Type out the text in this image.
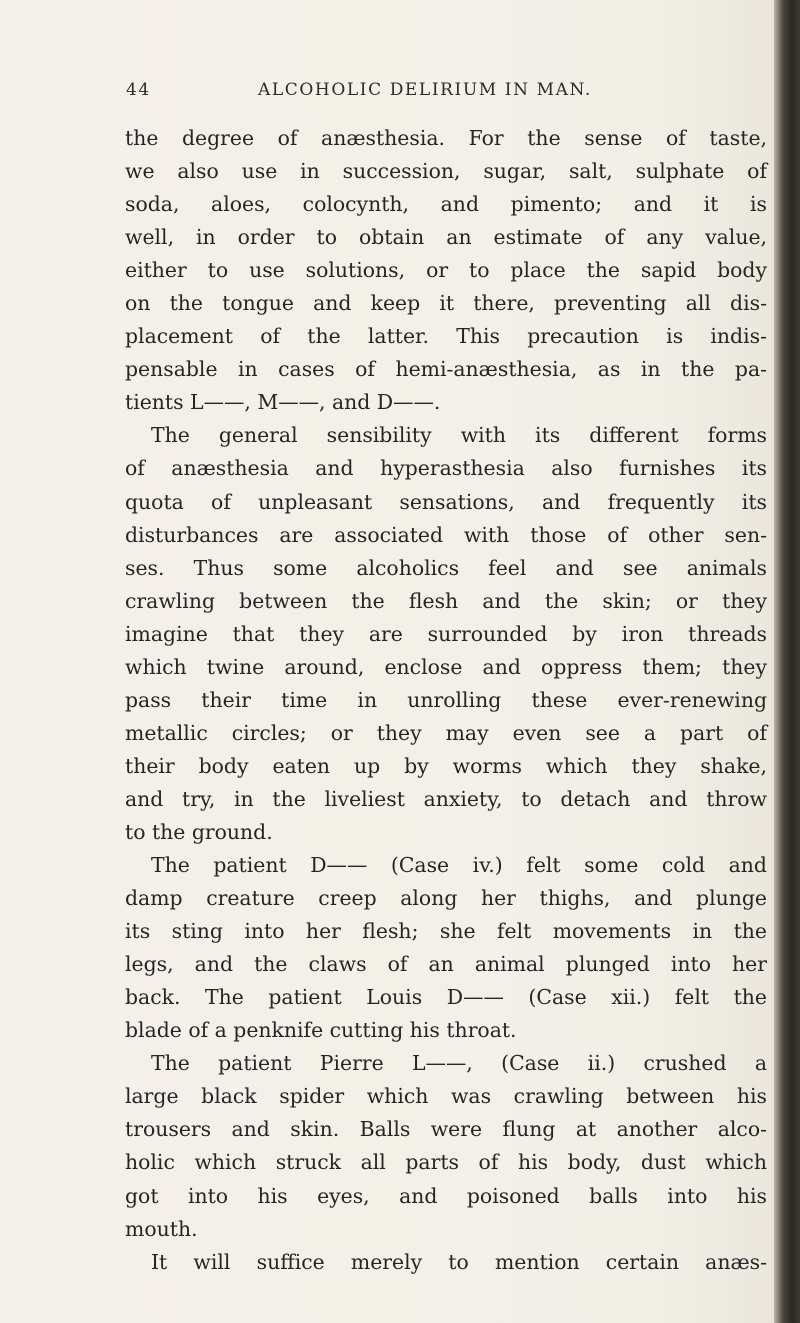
44	ALCOHOLIC DELIRIUM IN MAN.
the degree of anæsthesia. For the sense of taste,
we also use in succession, sugar, salt, sulphate of
soda, aloes, colocynth, and pimento; and it is
well, in order to obtain an estimate of any value,
either to use solutions, or to place the sapid body
on the tongue and keep it there, preventing all dis-
placement of the latter. This precaution is indis-
pensable in cases of hemi-anæsthesia, as in the pa-
tients L——, M——, and D——.
The general sensibility with its different forms
of anæsthesia and hyperasthesia also furnishes its
quota of unpleasant sensations, and frequently its
disturbances are associated with those of other sen-
ses. Thus some alcoholics feel and see animals
crawling between the flesh and the skin; or they
imagine that they are surrounded by iron threads
which twine around, enclose and oppress them; they
pass their time in unrolling these ever-renewing
metallic circles; or they may even see a part of
their body eaten up by worms which they shake,
and try, in the liveliest anxiety, to detach and throw
to the ground.
The patient D—— (Case iv.) felt some cold and
damp creature creep along her thighs, and plunge
its sting into her flesh; she felt movements in the
legs, and the claws of an animal plunged into her
back. The patient Louis D—— (Case xii.) felt the
blade of a penknife cutting his throat.
The patient Pierre L——, (Case ii.) crushed a
large black spider which was crawling between his
trousers and skin. Balls were flung at another alco-
holic which struck all parts of his body, dust which
got into his eyes, and poisoned balls into his
mouth.
It will suffice merely to mention certain anæs-
